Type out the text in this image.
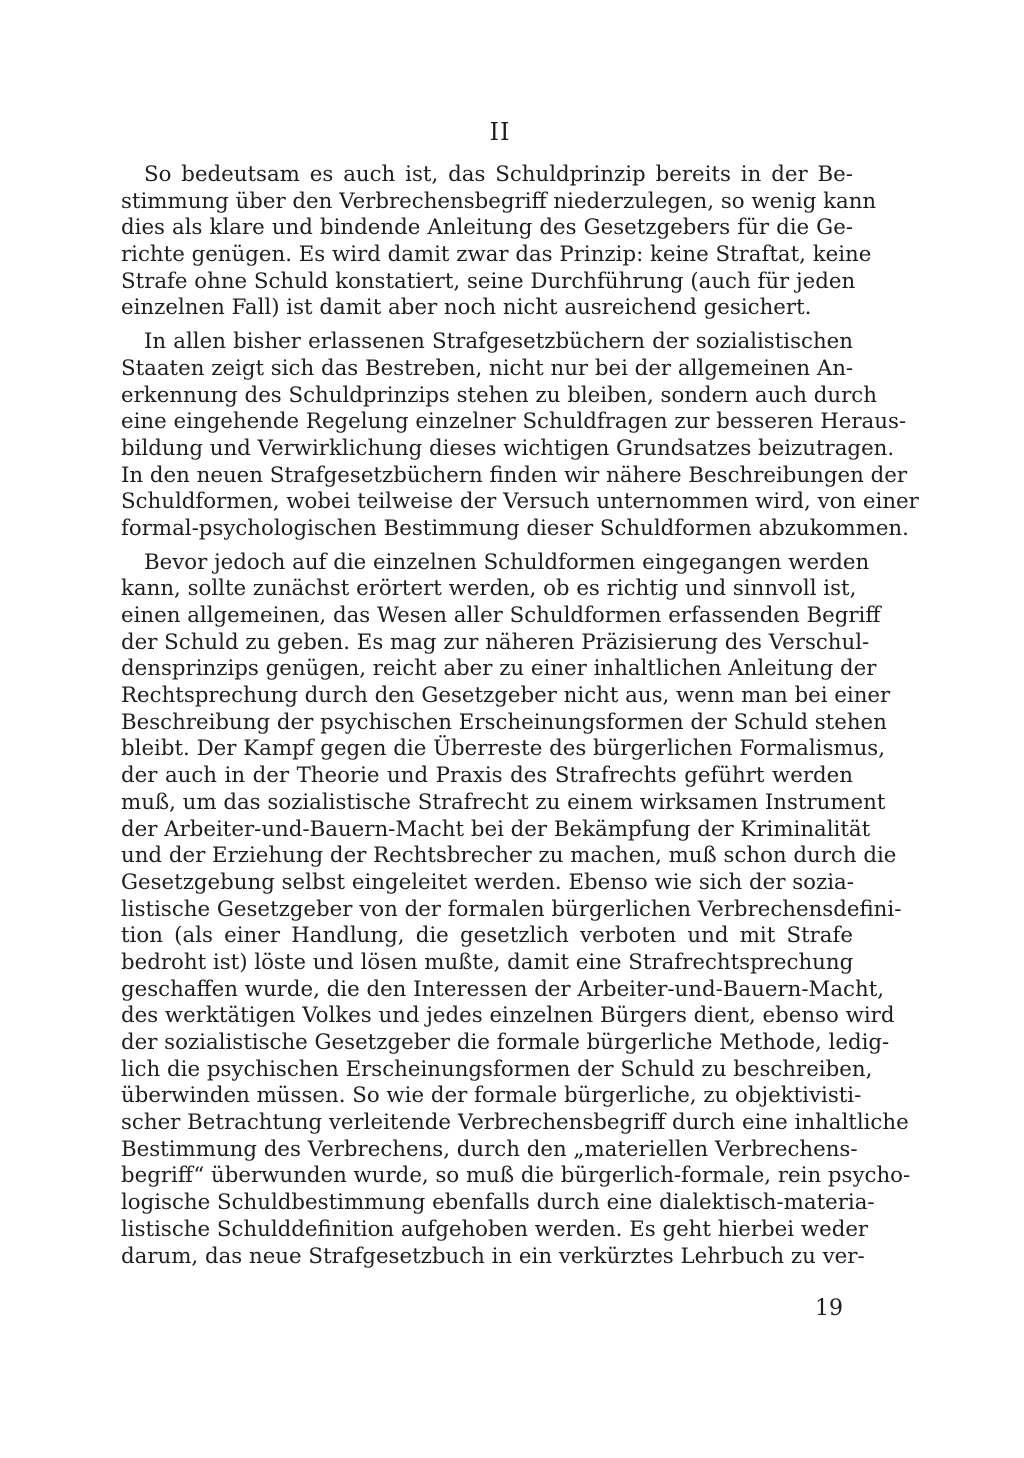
II
So bedeutsam es auch ist, das Schuldprinzip bereits in der Be-
stimmung über den Verbrechensbegriff niederzulegen, so wenig kann
dies als klare und bindende Anleitung des Gesetzgebers für die Ge-
richte genügen. Es wird damit zwar das Prinzip: keine Straftat, keine
Strafe ohne Schuld konstatiert, seine Durchführung (auch für jeden
einzelnen Fall) ist damit aber noch nicht ausreichend gesichert.
In allen bisher erlassenen Strafgesetzbüchern der sozialistischen
Staaten zeigt sich das Bestreben, nicht nur bei der allgemeinen An-
erkennung des Schuldprinzips stehen zu bleiben, sondern auch durch
eine eingehende Regelung einzelner Schuldfragen zur besseren Heraus-
bildung und Verwirklichung dieses wichtigen Grundsatzes beizutragen.
In den neuen Strafgesetzbüchern finden wir nähere Beschreibungen der
Schuldformen, wobei teilweise der Versuch unternommen wird, von einer
formal-psychologischen Bestimmung dieser Schuldformen abzukommen.
Bevor jedoch auf die einzelnen Schuldformen eingegangen werden
kann, sollte zunächst erörtert werden, ob es richtig und sinnvoll ist,
einen allgemeinen, das Wesen aller Schuldformen erfassenden Begriff
der Schuld zu geben. Es mag zur näheren Präzisierung des Verschul-
densprinzips genügen, reicht aber zu einer inhaltlichen Anleitung der
Rechtsprechung durch den Gesetzgeber nicht aus, wenn man bei einer
Beschreibung der psychischen Erscheinungsformen der Schuld stehen
bleibt. Der Kampf gegen die Überreste des bürgerlichen Formalismus,
der auch in der Theorie und Praxis des Strafrechts geführt werden
muß, um das sozialistische Strafrecht zu einem wirksamen Instrument
der Arbeiter-und-Bauern-Macht bei der Bekämpfung der Kriminalität
und der Erziehung der Rechtsbrecher zu machen, muß schon durch die
Gesetzgebung selbst eingeleitet werden. Ebenso wie sich der sozia-
listische Gesetzgeber von der formalen bürgerlichen Verbrechensdefini-
tion (als einer Handlung, die gesetzlich verboten und mit Strafe
bedroht ist) löste und lösen mußte, damit eine Strafrechtsprechung
geschaffen wurde, die den Interessen der Arbeiter-und-Bauern-Macht,
des werktätigen Volkes und jedes einzelnen Bürgers dient, ebenso wird
der sozialistische Gesetzgeber die formale bürgerliche Methode, ledig-
lich die psychischen Erscheinungsformen der Schuld zu beschreiben,
überwinden müssen. So wie der formale bürgerliche, zu objektivisti-
scher Betrachtung verleitende Verbrechensbegriff durch eine inhaltliche
Bestimmung des Verbrechens, durch den „materiellen Verbrechens-
begriff“ überwunden wurde, so muß die bürgerlich-formale, rein psycho-
logische Schuldbestimmung ebenfalls durch eine dialektisch-materia-
listische Schulddefinition aufgehoben werden. Es geht hierbei weder
darum, das neue Strafgesetzbuch in ein verkürztes Lehrbuch zu ver-

19
